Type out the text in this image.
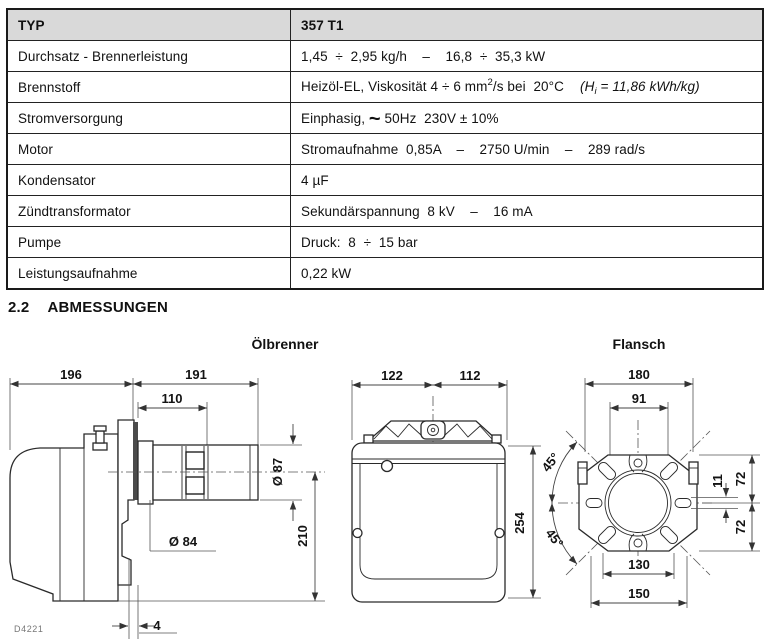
TYP	357 T1
Durchsatz - Brennerleistung	1,45  ÷  2,95 kg/h    –    16,8  ÷  35,3 kW
Brennstoff	Heizöl-EL, Viskosität 4 ÷ 6 $mm^2/s$ bei  20°C ($H_i = 11,86$ kWh/kg)
Stromversorgung	Einphasig, ~ 50Hz  230V ± 10%
Motor	Stromaufnahme  0,85A    –    2750 U/min    –    289 rad/s
Kondensator	4 µF
Zündtransformator	Sekundärspannung  8 kV    –    16 mA
Pumpe	Druck:  8  ÷  15 bar
Leistungsaufnahme	0,22 kW
2.2 ABMESSUNGEN
Ölbrenner	Flansch
196	191
110
Ø 87
210
Ø 84
4
D4221
122	112
254
180
91
45°
45°
130
150
11 72
72
